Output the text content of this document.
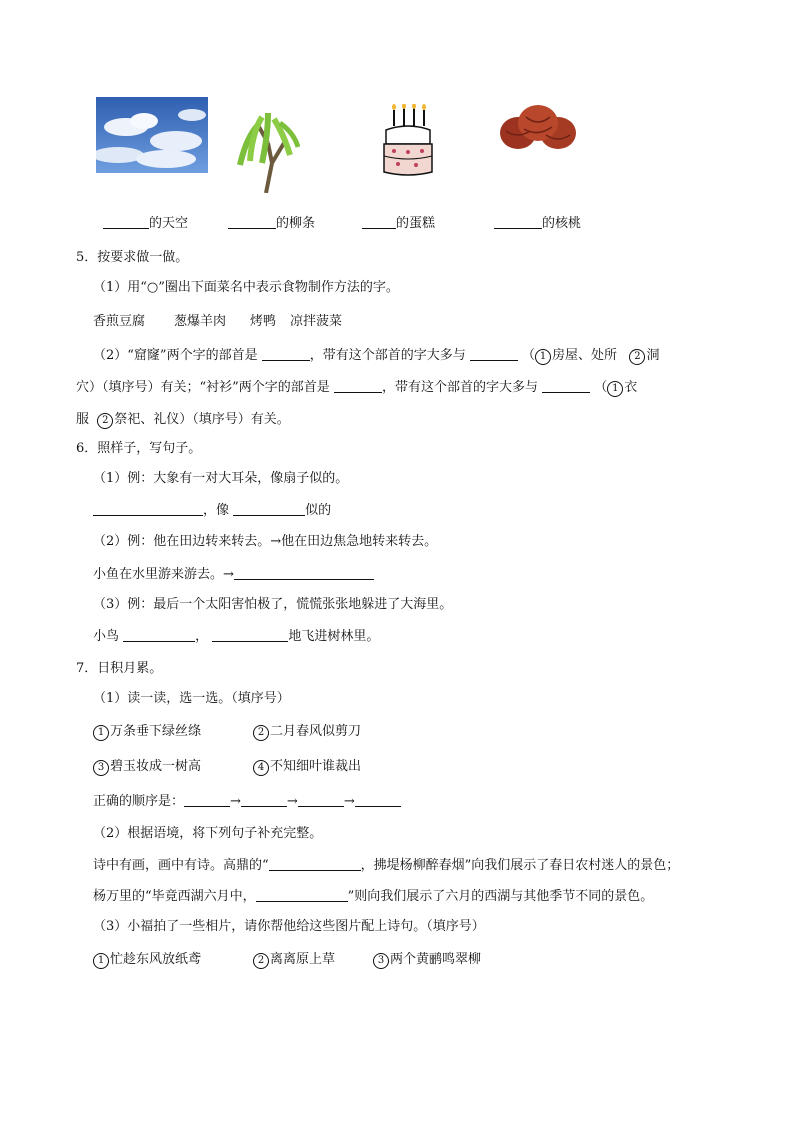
的天空	的柳条	的蛋糕	的核桃
5．按要求做一做。
（1）用“○”圈出下面菜名中表示食物制作方法的字。
香煎豆腐 葱爆羊肉 烤鸭 凉拌菠菜
（2）“窟窿”两个字的部首是	，带有这个部首的字大多与	（ 1 房屋、处所 2 洞
穴）（填序号）有关；“衬衫”两个字的部首是	，带有这个部首的字大多与	（ 1 衣
服 2 祭祀、礼仪）（填序号）有关。
6．照样子，写句子。
（1）例：大象有一对大耳朵，像扇子似的。
，像	似的
（2）例：他在田边转来转去。→他在田边焦急地转来转去。
小鱼在水里游来游去。→
（3）例：最后一个太阳害怕极了，慌慌张张地躲进了大海里。
小鸟	，	地飞进树林里。
7．日积月累。
（1）读一读，选一选。（填序号）
1 万条垂下绿丝绦	2 二月春风似剪刀
3 碧玉妆成一树高	4 不知细叶谁裁出
正确的顺序是：	→	→	→
（2）根据语境，将下列句子补充完整。
诗中有画，画中有诗。高鼎的“	，拂堤杨柳醉春烟”向我们展示了春日农村迷人的景色；
杨万里的“毕竟西湖六月中，	”则向我们展示了六月的西湖与其他季节不同的景色。
（3）小福拍了一些相片，请你帮他给这些图片配上诗句。（填序号）
1 忙趁东风放纸鸢	2 离离原上草	3 两个黄鹂鸣翠柳
